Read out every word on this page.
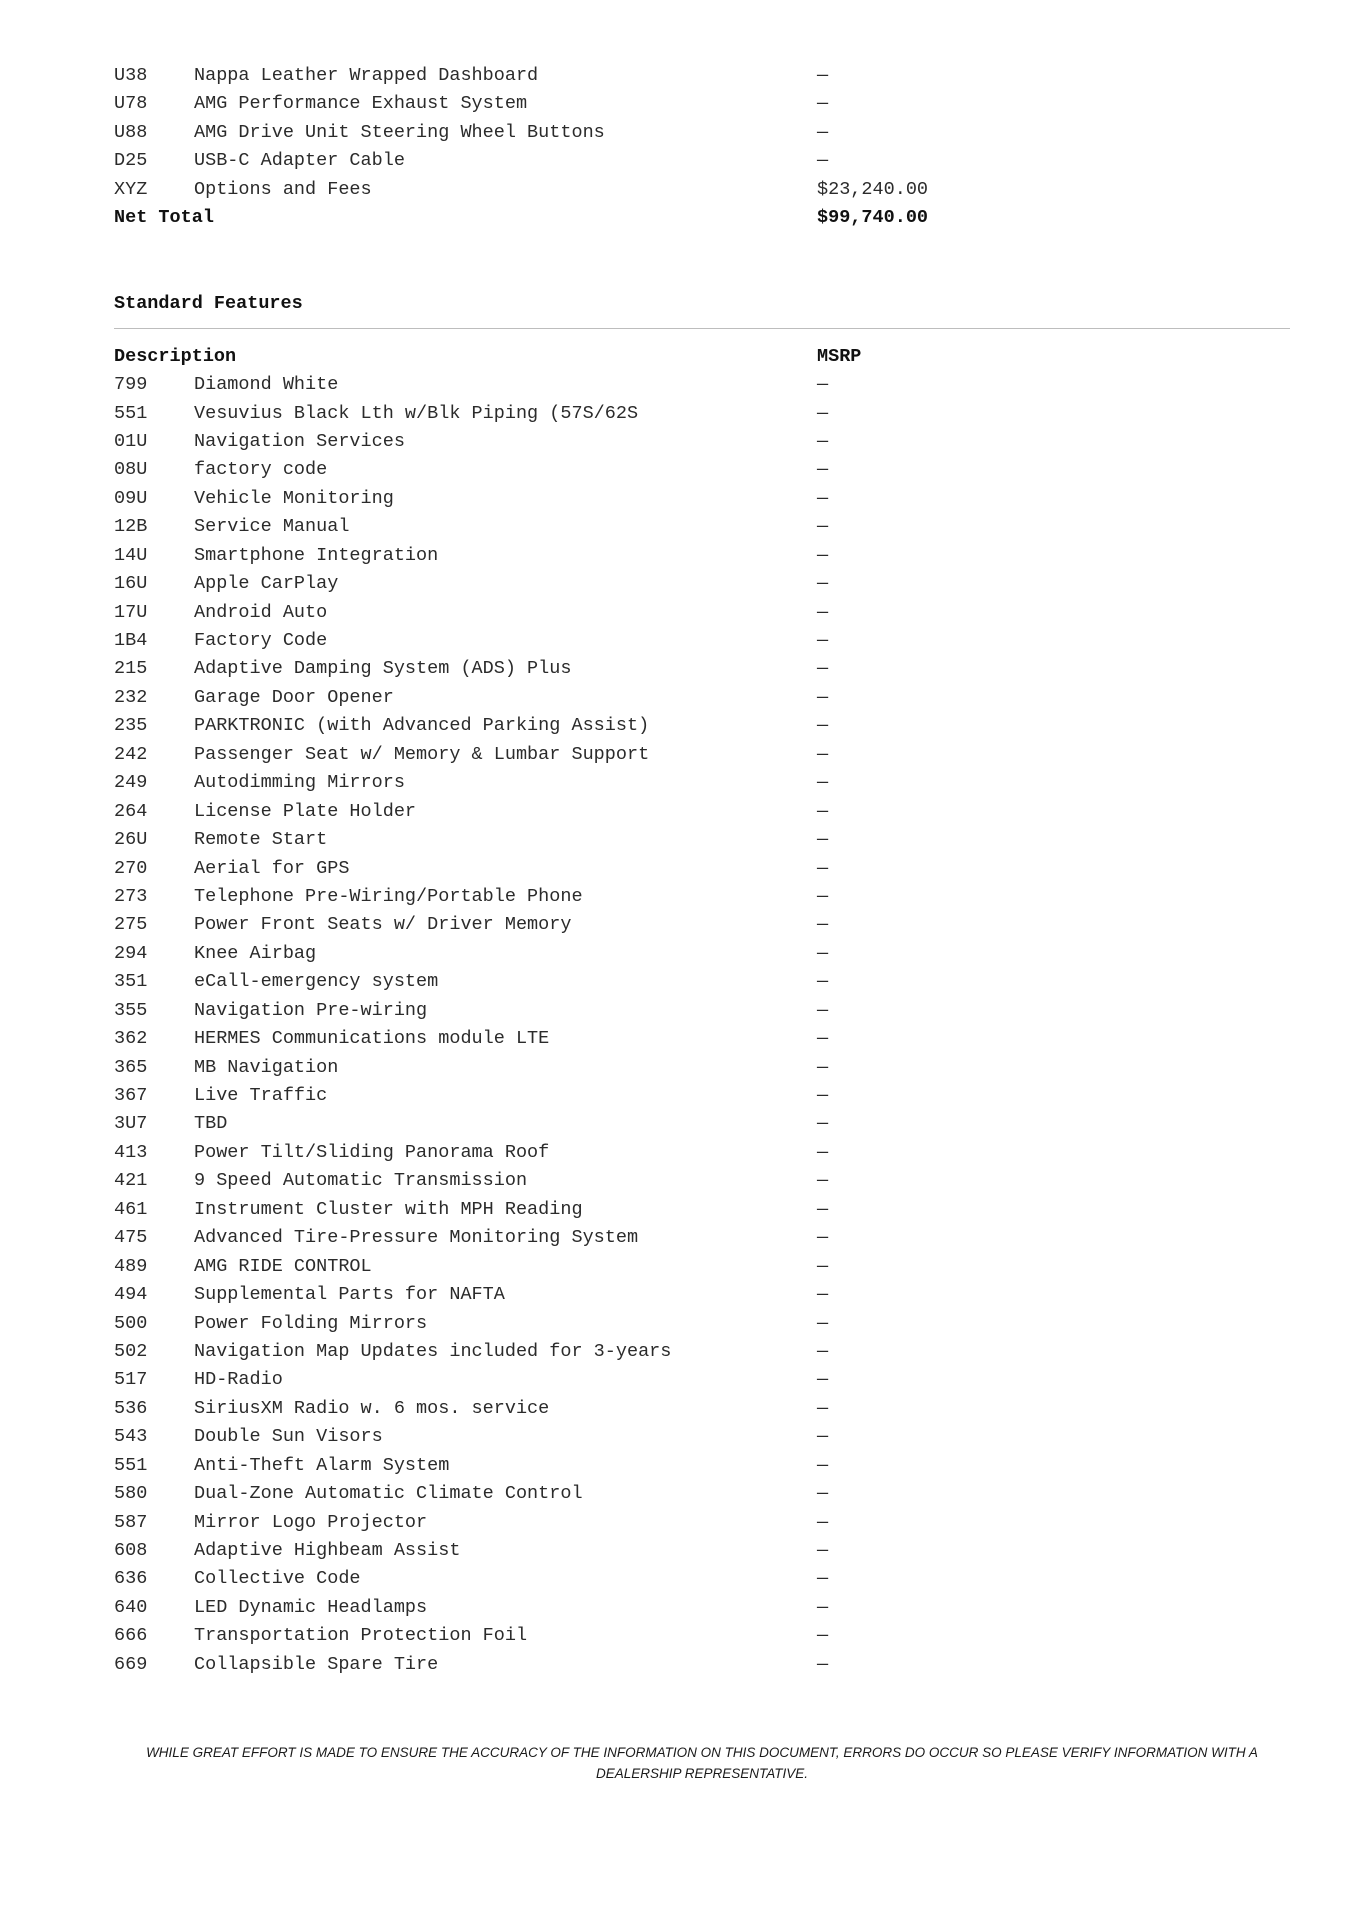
U38	Nappa Leather Wrapped Dashboard	—
U78	AMG Performance Exhaust System	—
U88	AMG Drive Unit Steering Wheel Buttons	—
D25	USB-C Adapter Cable	—
XYZ	Options and Fees	$23,240.00
Net Total	$99,740.00
Standard Features
Description	MSRP
799	Diamond White	—
551	Vesuvius Black Lth w/Blk Piping (57S/62S	—
01U	Navigation Services	—
08U	factory code	—
09U	Vehicle Monitoring	—
12B	Service Manual	—
14U	Smartphone Integration	—
16U	Apple CarPlay	—
17U	Android Auto	—
1B4	Factory Code	—
215	Adaptive Damping System (ADS) Plus	—
232	Garage Door Opener	—
235	PARKTRONIC (with Advanced Parking Assist)	—
242	Passenger Seat w/ Memory & Lumbar Support	—
249	Autodimming Mirrors	—
264	License Plate Holder	—
26U	Remote Start	—
270	Aerial for GPS	—
273	Telephone Pre-Wiring/Portable Phone	—
275	Power Front Seats w/ Driver Memory	—
294	Knee Airbag	—
351	eCall-emergency system	—
355	Navigation Pre-wiring	—
362	HERMES Communications module LTE	—
365	MB Navigation	—
367	Live Traffic	—
3U7	TBD	—
413	Power Tilt/Sliding Panorama Roof	—
421	9 Speed Automatic Transmission	—
461	Instrument Cluster with MPH Reading	—
475	Advanced Tire-Pressure Monitoring System	—
489	AMG RIDE CONTROL	—
494	Supplemental Parts for NAFTA	—
500	Power Folding Mirrors	—
502	Navigation Map Updates included for 3-years	—
517	HD-Radio	—
536	SiriusXM Radio w. 6 mos. service	—
543	Double Sun Visors	—
551	Anti-Theft Alarm System	—
580	Dual-Zone Automatic Climate Control	—
587	Mirror Logo Projector	—
608	Adaptive Highbeam Assist	—
636	Collective Code	—
640	LED Dynamic Headlamps	—
666	Transportation Protection Foil	—
669	Collapsible Spare Tire	—
WHILE GREAT EFFORT IS MADE TO ENSURE THE ACCURACY OF THE INFORMATION ON THIS DOCUMENT, ERRORS DO OCCUR SO PLEASE VERIFY INFORMATION WITH A DEALERSHIP REPRESENTATIVE.
